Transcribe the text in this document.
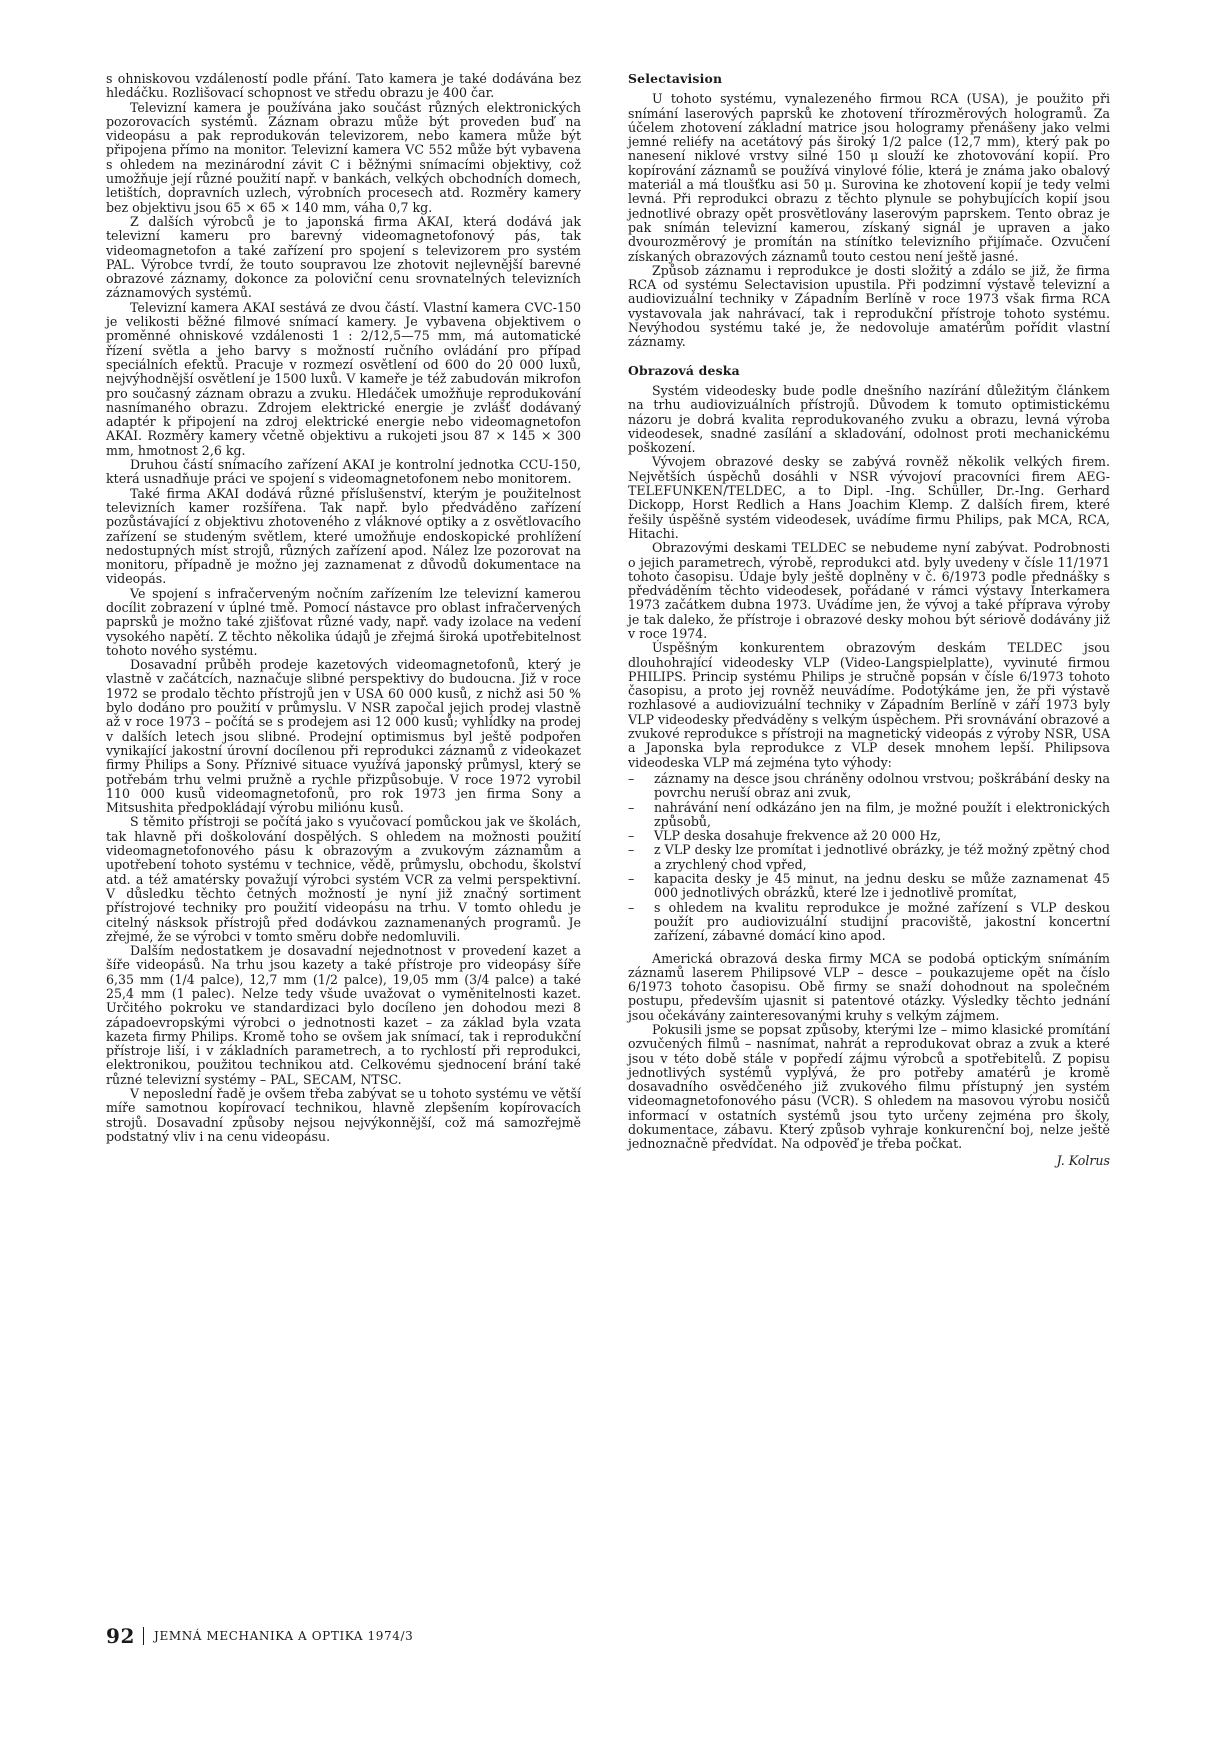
s ohniskovou vzdáleností podle přání. Tato kamera je také dodávána bez hledáčku. Rozlišovací schopnost ve středu obrazu je 400 čar.

Televizní kamera je používána jako součást různých elektronických pozorovacích systémů. Záznam obrazu může být proveden buď na videopásu a pak reprodukován televizorem, nebo kamera může být připojena přímo na monitor. Televizní kamera VC 552 může být vybavena s ohledem na mezinárodní závit C i běžnými snímacími objektivy, což umožňuje její různé použití např. v bankách, velkých obchodních domech, letištích, dopravních uzlech, výrobních procesech atd. Rozměry kamery bez objektivu jsou 65 × 65 × 140 mm, váha 0,7 kg.

Z dalších výrobců je to japonská firma AKAI, která dodává jak televizní kameru pro barevný videomagnetofonový pás, tak videomagnetofon a také zařízení pro spojení s televizorem pro systém PAL. Výrobce tvrdí, že touto soupravou lze zhotovit nejlevnější barevné obrazové záznamy, dokonce za poloviční cenu srovnatelných televizních záznamových systémů.

Televizní kamera AKAI sestává ze dvou částí. Vlastní kamera CVC-150 je velikosti běžné filmové snímací kamery. Je vybavena objektivem o proměnné ohniskové vzdálenosti 1 : 2/12,5—75 mm, má automatické řízení světla a jeho barvy s možností ručního ovládání pro případ speciálních efektů. Pracuje v rozmezí osvětlení od 600 do 20 000 luxů, nejvýhodnější osvětlení je 1500 luxů. V kameře je též zabudován mikrofon pro současný záznam obrazu a zvuku. Hledáček umožňuje reprodukování nasnímaného obrazu. Zdrojem elektrické energie je zvlášť dodávaný adaptér k připojení na zdroj elektrické energie nebo videomagnetofon AKAI. Rozměry kamery včetně objektivu a rukojeti jsou 87 × 145 × 300 mm, hmotnost 2,6 kg.

Druhou částí snímacího zařízení AKAI je kontrolní jednotka CCU-150, která usnadňuje práci ve spojení s videomagnetofonem nebo monitorem.

Také firma AKAI dodává různé příslušenství, kterým je použitelnost televizních kamer rozšířena. Tak např. bylo předváděno zařízení pozůstávající z objektivu zhotoveného z vláknové optiky a z osvětlovacího zařízení se studeným světlem, které umožňuje endoskopické prohlížení nedostupných míst strojů, různých zařízení apod. Nález lze pozorovat na monitoru, případně je možno jej zaznamenat z důvodů dokumentace na videopás.

Ve spojení s infračerveným nočním zařízením lze televizní kamerou docílit zobrazení v úplné tmě. Pomocí nástavce pro oblast infračervených paprsků je možno také zjišťovat různé vady, např. vady izolace na vedení vysokého napětí. Z těchto několika údajů je zřejmá široká upotřebitelnost tohoto nového systému.

Dosavadní průběh prodeje kazetových videomagnetofonů, který je vlastně v začátcích, naznačuje slibné perspektivy do budoucna. Již v roce 1972 se prodalo těchto přístrojů jen v USA 60 000 kusů, z nichž asi 50 % bylo dodáno pro použití v průmyslu. V NSR započal jejich prodej vlastně až v roce 1973 – počítá se s prodejem asi 12 000 kusů; vyhlídky na prodej v dalších letech jsou slibné. Prodejní optimismus byl ještě podpořen vynikající jakostní úrovní docílenou při reprodukci záznamů z videokazet firmy Philips a Sony. Příznivé situace využívá japonský průmysl, který se potřebám trhu velmi pružně a rychle přizpůsobuje. V roce 1972 vyrobil 110 000 kusů videomagnetofonů, pro rok 1973 jen firma Sony a Mitsushita předpokládají výrobu miliónu kusů.

S těmito přístroji se počítá jako s vyučovací pomůckou jak ve školách, tak hlavně při doškolování dospělých. S ohledem na možnosti použití videomagnetofonového pásu k obrazovým a zvukovým záznamům a upotřebení tohoto systému v technice, vědě, průmyslu, obchodu, školství atd. a též amatérsky považují výrobci systém VCR za velmi perspektivní. V důsledku těchto četných možností je nyní již značný sortiment přístrojové techniky pro použití videopásu na trhu. V tomto ohledu je citelný násksok přístrojů před dodávkou zaznamenaných programů. Je zřejmé, že se výrobci v tomto směru dobře nedomluvili.

Dalším nedostatkem je dosavadní nejednotnost v provedení kazet a šíře videopásů. Na trhu jsou kazety a také přístroje pro videopásy šíře 6,35 mm (1/4 palce), 12,7 mm (1/2 palce), 19,05 mm (3/4 palce) a také 25,4 mm (1 palec). Nelze tedy všude uvažovat o vyměnitelnosti kazet. Určitého pokroku ve standardizaci bylo docíleno jen dohodou mezi 8 západoevropskými výrobci o jednotnosti kazet – za základ byla vzata kazeta firmy Philips. Kromě toho se ovšem jak snímací, tak i reprodukční přístroje liší, i v základních parametrech, a to rychlostí při reprodukci, elektronikou, použitou technikou atd. Celkovému sjednocení brání také různé televizní systémy – PAL, SECAM, NTSC.

V neposlední řadě je ovšem třeba zabývat se u tohoto systému ve větší míře samotnou kopírovací technikou, hlavně zlepšením kopírovacích strojů. Dosavadní způsoby nejsou nejvýkonnější, což má samozřejmě podstatný vliv i na cenu videopásu.

Selectavision

U tohoto systému, vynalezeného firmou RCA (USA), je použito při snímání laserových paprsků ke zhotovení třírozměrových hologramů. Za účelem zhotovení základní matrice jsou hologramy přenášeny jako velmi jemné reliéfy na acetátový pás široký 1/2 palce (12,7 mm), který pak po nanesení niklové vrstvy silné 150 μ slouží ke zhotovování kopií. Pro kopírování záznamů se používá vinylové fólie, která je známa jako obalový materiál a má tloušťku asi 50 μ. Surovina ke zhotovení kopií je tedy velmi levná. Při reprodukci obrazu z těchto plynule se pohybujících kopií jsou jednotlivé obrazy opět prosvětlovány laserovým paprskem. Tento obraz je pak snímán televizní kamerou, získaný signál je upraven a jako dvourozměrový je promítán na stínítko televizního přijímače. Ozvučení získaných obrazových záznamů touto cestou není ještě jasné.

Způsob záznamu i reprodukce je dosti složitý a zdálo se již, že firma RCA od systému Selectavision upustila. Při podzimní výstavě televizní a audiovizuální techniky v Západním Berlíně v roce 1973 však firma RCA vystavovala jak nahrávací, tak i reprodukční přístroje tohoto systému. Nevýhodou systému také je, že nedovoluje amatérům pořídit vlastní záznamy.

Obrazová deska

Systém videodesky bude podle dnešního nazírání důležitým článkem na trhu audiovizuálních přístrojů. Důvodem k tomuto optimistickému názoru je dobrá kvalita reprodukovaného zvuku a obrazu, levná výroba videodesek, snadné zasílání a skladování, odolnost proti mechanickému poškození.

Vývojem obrazové desky se zabývá rovněž několik velkých firem. Největších úspěchů dosáhli v NSR vývojoví pracovníci firem AEG-TELEFUNKEN/TELDEC, a to Dipl. -Ing. Schüller, Dr.-Ing. Gerhard Dickopp, Horst Redlich a Hans Joachim Klemp. Z dalších firem, které řešily úspěšně systém videodesek, uvádíme firmu Philips, pak MCA, RCA, Hitachi.

Obrazovými deskami TELDEC se nebudeme nyní zabývat. Podrobnosti o jejich parametrech, výrobě, reprodukci atd. byly uvedeny v čísle 11/1971 tohoto časopisu. Údaje byly ještě doplněny v č. 6/1973 podle přednášky s předváděním těchto videodesek, pořádané v rámci výstavy Interkamera 1973 začátkem dubna 1973. Uvádíme jen, že vývoj a také příprava výroby je tak daleko, že přístroje i obrazové desky mohou být sériově dodávány již v roce 1974.

Úspěšným konkurentem obrazovým deskám TELDEC jsou dlouhohrající videodesky VLP (Video-Langspielplatte), vyvinuté firmou PHILIPS. Princip systému Philips je stručně popsán v čísle 6/1973 tohoto časopisu, a proto jej rovněž neuvádíme. Podotýkáme jen, že při výstavě rozhlasové a audiovizuální techniky v Západním Berlíně v září 1973 byly VLP videodesky předváděny s velkým úspěchem. Při srovnávání obrazové a zvukové reprodukce s přístroji na magnetický videopás z výroby NSR, USA a Japonska byla reprodukce z VLP desek mnohem lepší. Philipsova videodeska VLP má zejména tyto výhody:

– záznamy na desce jsou chráněny odolnou vrstvou; poškrábání desky na povrchu neruší obraz ani zvuk,
– nahrávání není odkázáno jen na film, je možné použít i elektronických způsobů,
– VLP deska dosahuje frekvence až 20 000 Hz,
– z VLP desky lze promítat i jednotlivé obrázky, je též možný zpětný chod a zrychlený chod vpřed,
– kapacita desky je 45 minut, na jednu desku se může zaznamenat 45 000 jednotlivých obrázků, které lze i jednotlivě promítat,
– s ohledem na kvalitu reprodukce je možné zařízení s VLP deskou použít pro audiovizuální studijní pracoviště, jakostní koncertní zařízení, zábavné domácí kino apod.

Americká obrazová deska firmy MCA se podobá optickým snímáním záznamů laserem Philipsové VLP – desce – poukazujeme opět na číslo 6/1973 tohoto časopisu. Obě firmy se snaží dohodnout na společném postupu, především ujasnit si patentové otázky. Výsledky těchto jednání jsou očekávány zainteresovanými kruhy s velkým zájmem.

Pokusili jsme se popsat způsoby, kterými lze – mimo klasické promítání ozvučených filmů – nasnímat, nahrát a reprodukovat obraz a zvuk a které jsou v této době stále v popředí zájmu výrobců a spotřebitelů. Z popisu jednotlivých systémů vyplývá, že pro potřeby amatérů je kromě dosavadního osvědčeného již zvukového filmu přístupný jen systém videomagnetofonového pásu (VCR). S ohledem na masovou výrobu nosičů informací v ostatních systémů jsou tyto určeny zejména pro školy, dokumentace, zábavu. Který způsob vyhraje konkurenční boj, nelze ještě jednoznačně předvídat. Na odpověď je třeba počkat.

J. Kolrus
92 JEMNÁ MECHANIKA A OPTIKA 1974/3
